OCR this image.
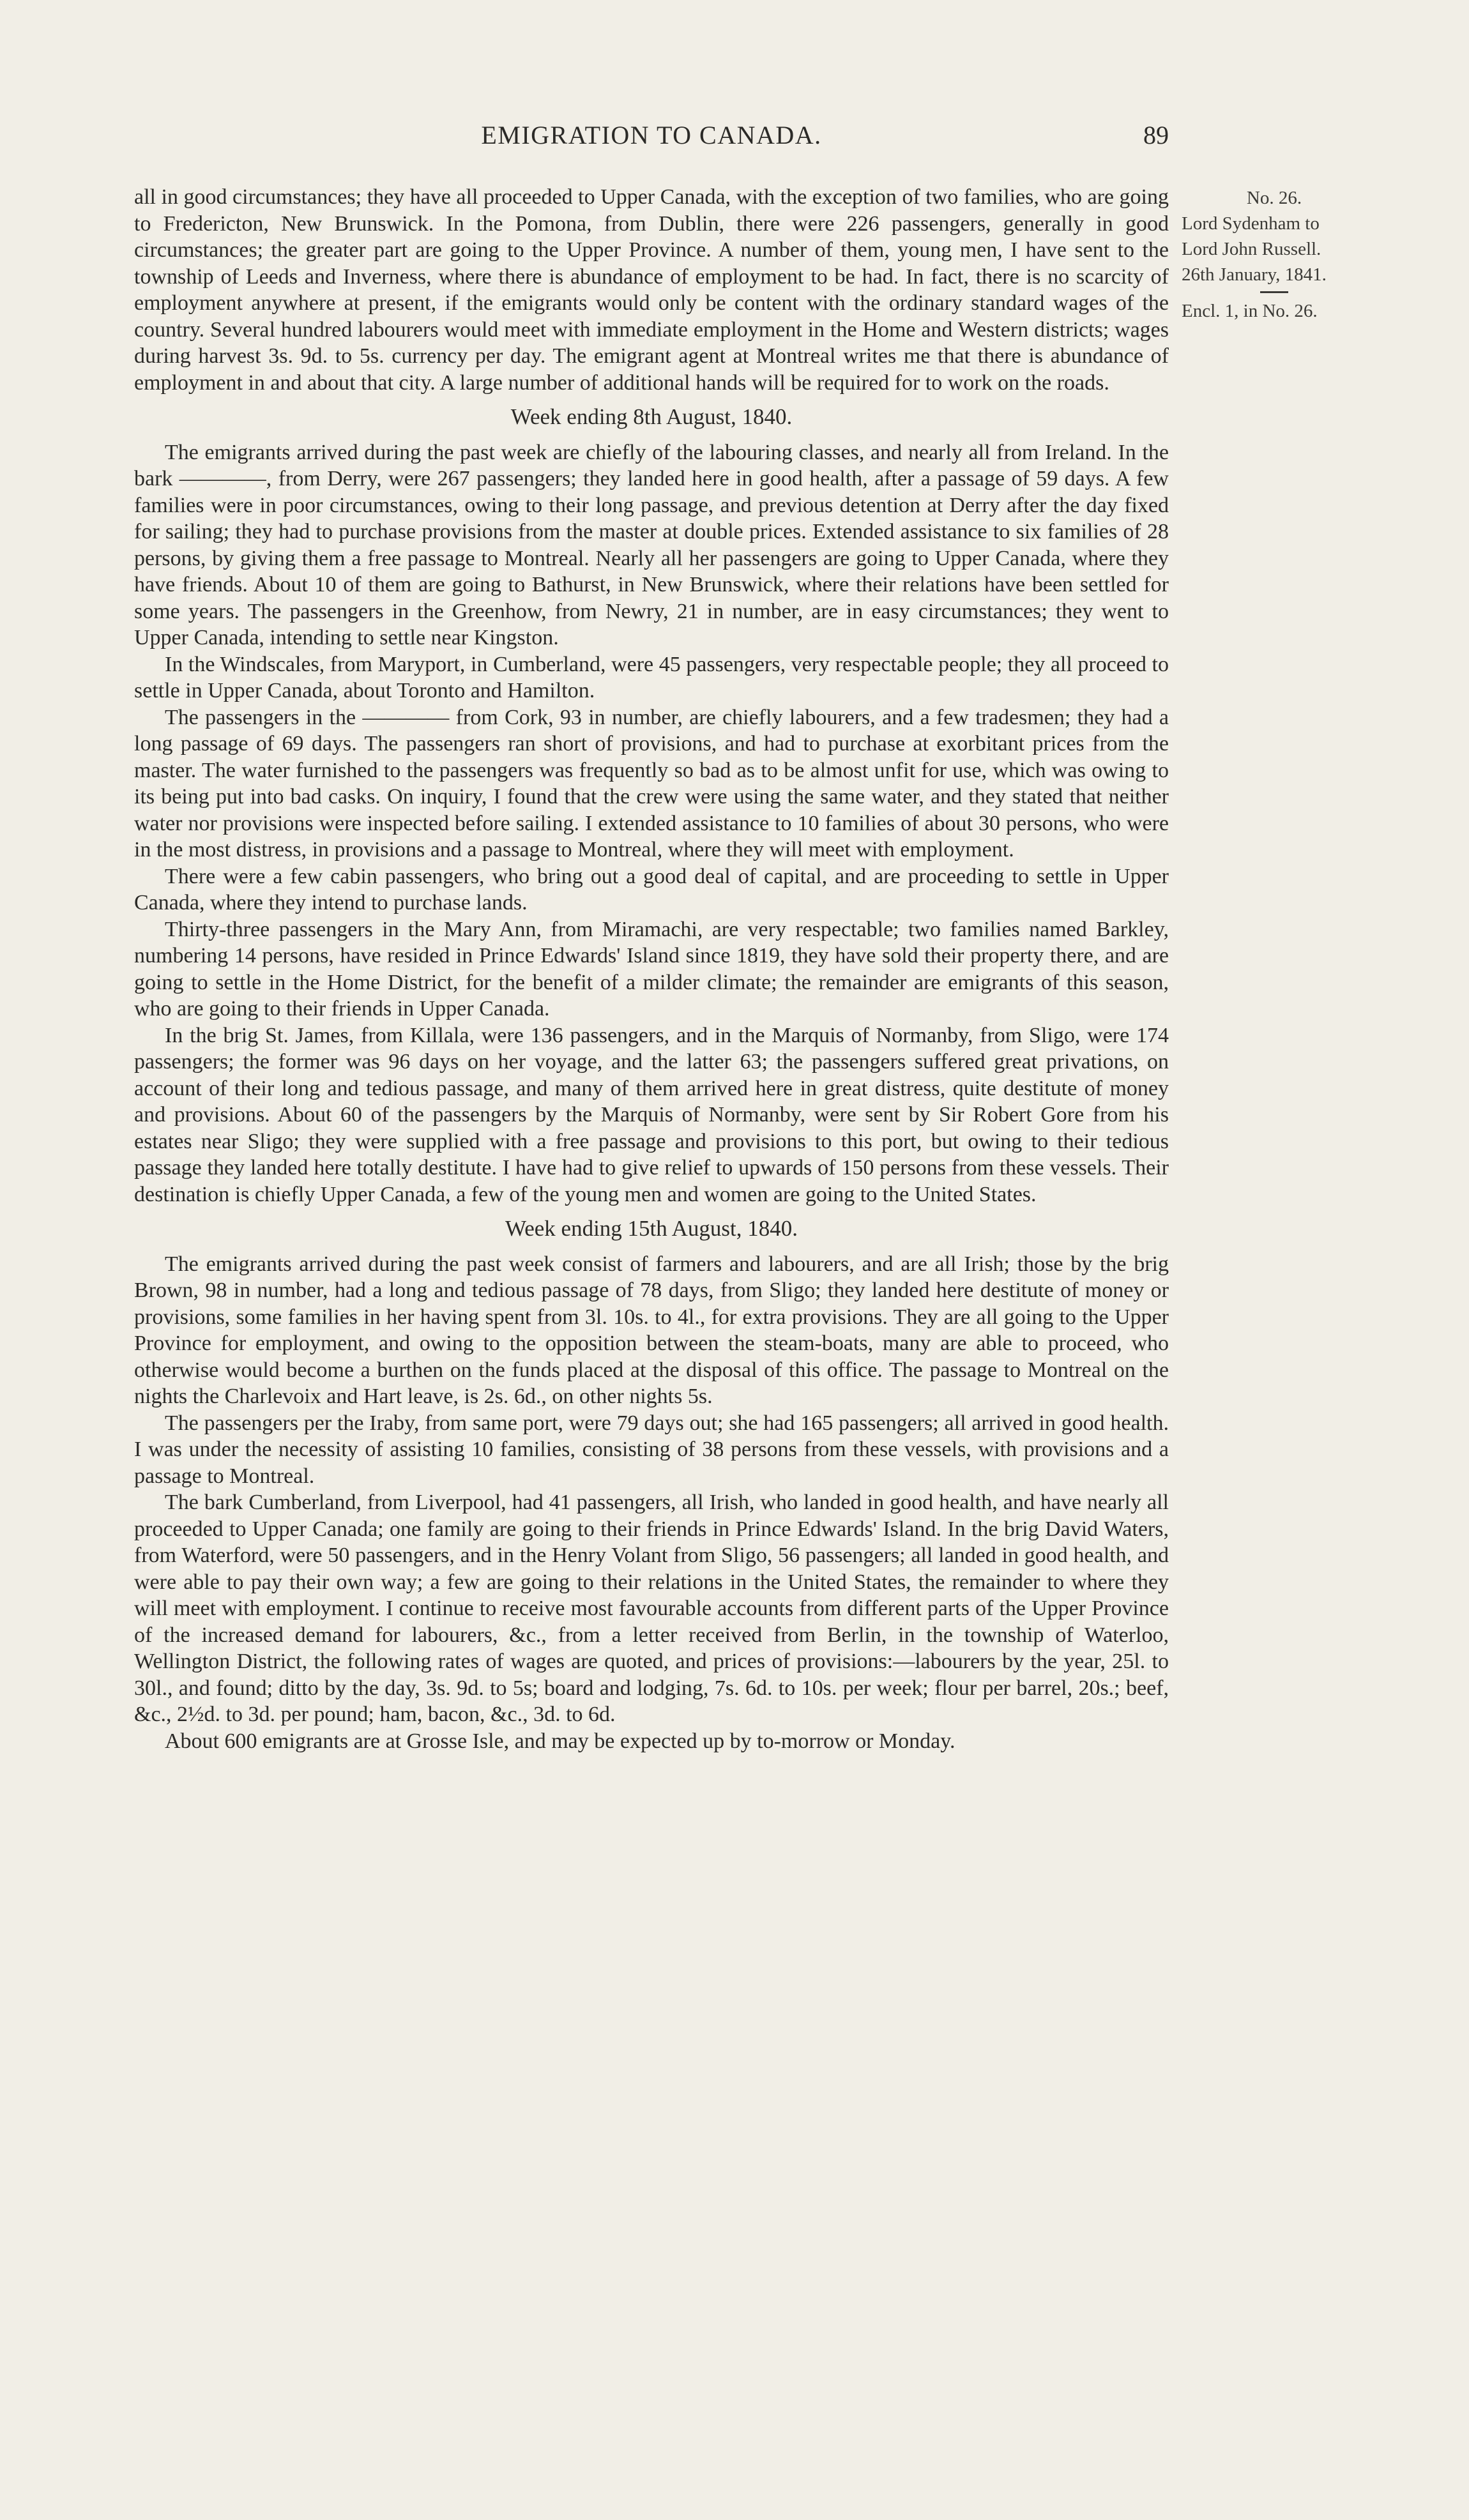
EMIGRATION TO CANADA.	89
No. 26.
Lord Sydenham to
Lord John Russell.
26th January, 1841.
Encl. 1, in No. 26.

all in good circumstances; they have all proceeded to Upper Canada, with the exception of two families, who are going to Fredericton, New Brunswick. In the Pomona, from Dublin, there were 226 passengers, generally in good circumstances; the greater part are going to the Upper Province. A number of them, young men, I have sent to the township of Leeds and Inverness, where there is abundance of employment to be had. In fact, there is no scarcity of employment anywhere at present, if the emigrants would only be content with the ordinary standard wages of the country. Several hundred labourers would meet with immediate employment in the Home and Western districts; wages during harvest 3s. 9d. to 5s. currency per day. The emigrant agent at Montreal writes me that there is abundance of employment in and about that city. A large number of additional hands will be required for to work on the roads.

Week ending 8th August, 1840.

The emigrants arrived during the past week are chiefly of the labouring classes, and nearly all from Ireland. In the bark ————, from Derry, were 267 passengers; they landed here in good health, after a passage of 59 days. A few families were in poor circumstances, owing to their long passage, and previous detention at Derry after the day fixed for sailing; they had to purchase provisions from the master at double prices. Extended assistance to six families of 28 persons, by giving them a free passage to Montreal. Nearly all her passengers are going to Upper Canada, where they have friends. About 10 of them are going to Bathurst, in New Brunswick, where their relations have been settled for some years. The passengers in the Greenhow, from Newry, 21 in number, are in easy circumstances; they went to Upper Canada, intending to settle near Kingston.

In the Windscales, from Maryport, in Cumberland, were 45 passengers, very respectable people; they all proceed to settle in Upper Canada, about Toronto and Hamilton.

The passengers in the ———— from Cork, 93 in number, are chiefly labourers, and a few tradesmen; they had a long passage of 69 days. The passengers ran short of provisions, and had to purchase at exorbitant prices from the master. The water furnished to the passengers was frequently so bad as to be almost unfit for use, which was owing to its being put into bad casks. On inquiry, I found that the crew were using the same water, and they stated that neither water nor provisions were inspected before sailing. I extended assistance to 10 families of about 30 persons, who were in the most distress, in provisions and a passage to Montreal, where they will meet with employment.

There were a few cabin passengers, who bring out a good deal of capital, and are proceeding to settle in Upper Canada, where they intend to purchase lands.

Thirty-three passengers in the Mary Ann, from Miramachi, are very respectable; two families named Barkley, numbering 14 persons, have resided in Prince Edwards' Island since 1819, they have sold their property there, and are going to settle in the Home District, for the benefit of a milder climate; the remainder are emigrants of this season, who are going to their friends in Upper Canada.

In the brig St. James, from Killala, were 136 passengers, and in the Marquis of Normanby, from Sligo, were 174 passengers; the former was 96 days on her voyage, and the latter 63; the passengers suffered great privations, on account of their long and tedious passage, and many of them arrived here in great distress, quite destitute of money and provisions. About 60 of the passengers by the Marquis of Normanby, were sent by Sir Robert Gore from his estates near Sligo; they were supplied with a free passage and provisions to this port, but owing to their tedious passage they landed here totally destitute. I have had to give relief to upwards of 150 persons from these vessels. Their destination is chiefly Upper Canada, a few of the young men and women are going to the United States.

Week ending 15th August, 1840.

The emigrants arrived during the past week consist of farmers and labourers, and are all Irish; those by the brig Brown, 98 in number, had a long and tedious passage of 78 days, from Sligo; they landed here destitute of money or provisions, some families in her having spent from 3l. 10s. to 4l., for extra provisions. They are all going to the Upper Province for employment, and owing to the opposition between the steam-boats, many are able to proceed, who otherwise would become a burthen on the funds placed at the disposal of this office. The passage to Montreal on the nights the Charlevoix and Hart leave, is 2s. 6d., on other nights 5s.

The passengers per the Iraby, from same port, were 79 days out; she had 165 passengers; all arrived in good health. I was under the necessity of assisting 10 families, consisting of 38 persons from these vessels, with provisions and a passage to Montreal.

The bark Cumberland, from Liverpool, had 41 passengers, all Irish, who landed in good health, and have nearly all proceeded to Upper Canada; one family are going to their friends in Prince Edwards' Island. In the brig David Waters, from Waterford, were 50 passengers, and in the Henry Volant from Sligo, 56 passengers; all landed in good health, and were able to pay their own way; a few are going to their relations in the United States, the remainder to where they will meet with employment. I continue to receive most favourable accounts from different parts of the Upper Province of the increased demand for labourers, &c., from a letter received from Berlin, in the township of Waterloo, Wellington District, the following rates of wages are quoted, and prices of provisions:—labourers by the year, 25l. to 30l., and found; ditto by the day, 3s. 9d. to 5s; board and lodging, 7s. 6d. to 10s. per week; flour per barrel, 20s.; beef, &c., 2½d. to 3d. per pound; ham, bacon, &c., 3d. to 6d.

About 600 emigrants are at Grosse Isle, and may be expected up by to-morrow or Monday.
